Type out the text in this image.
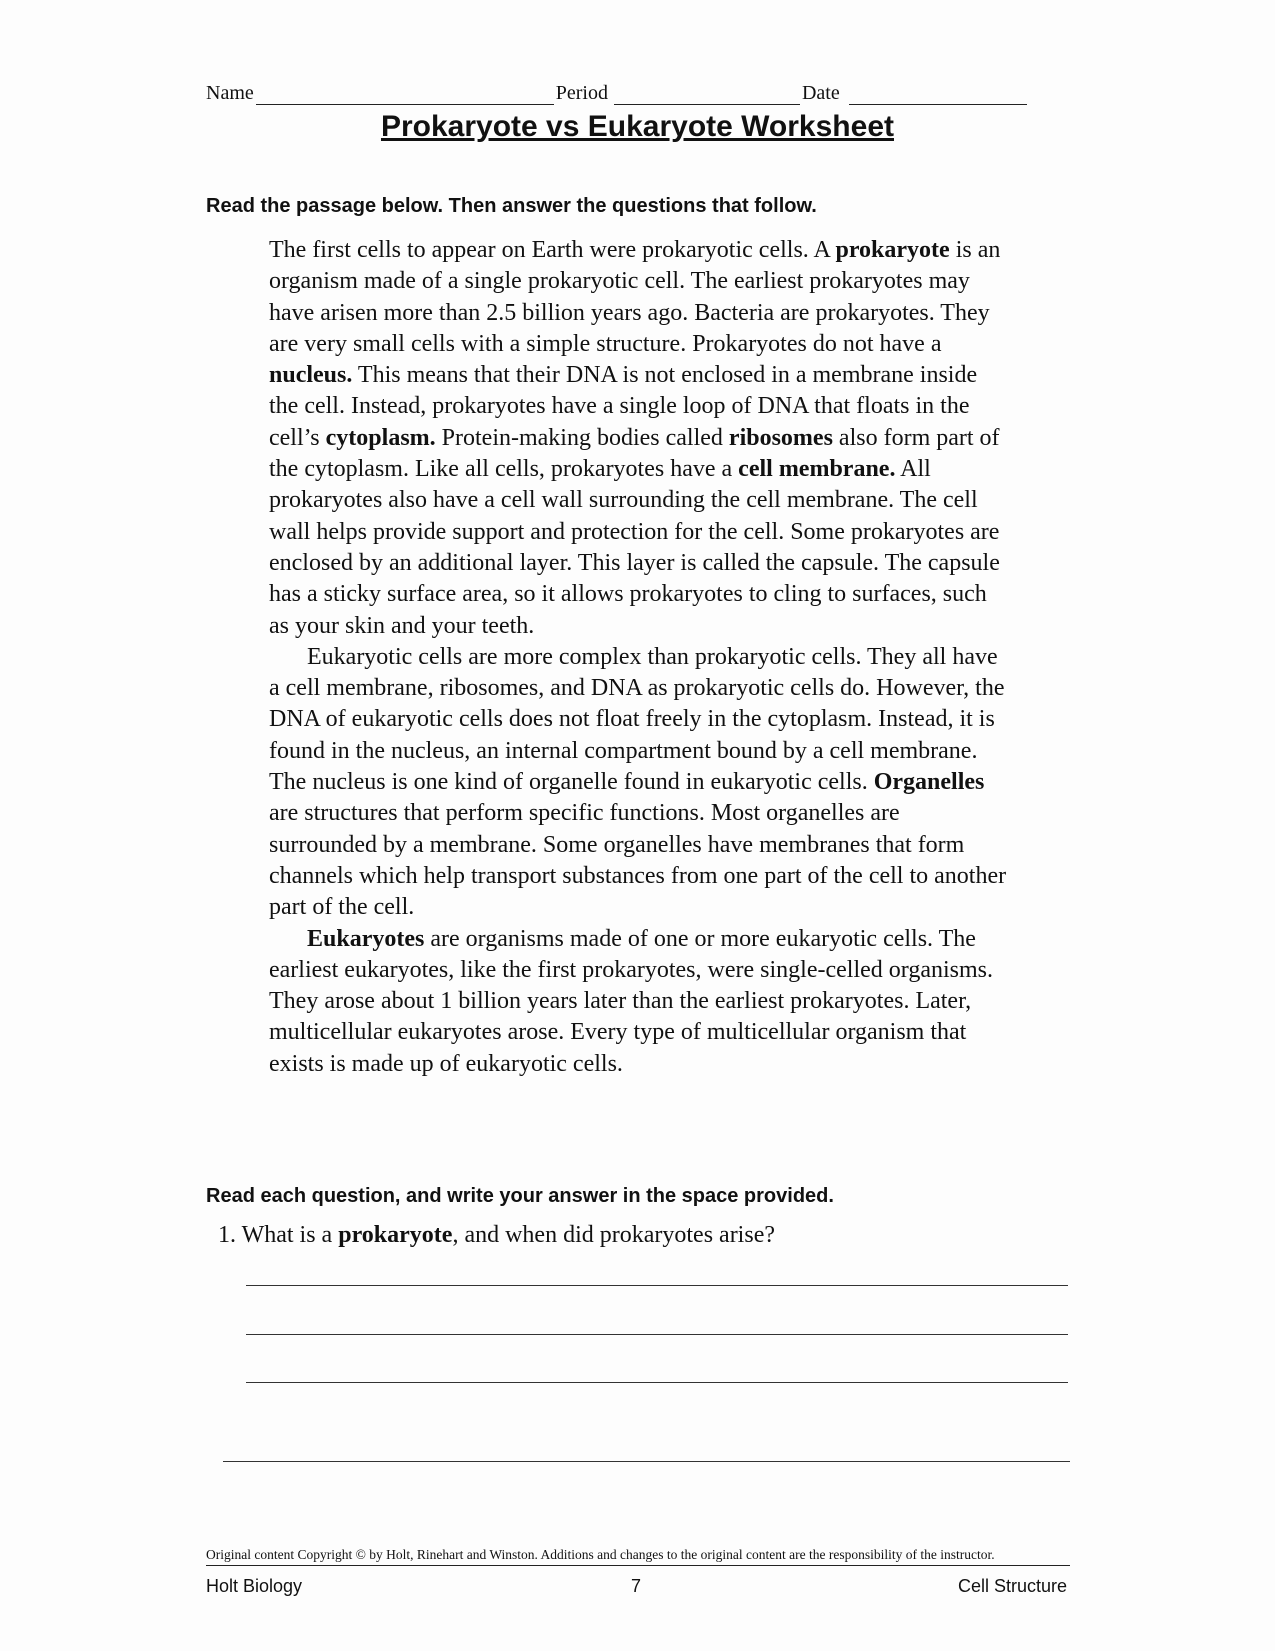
Name	Period	Date
Prokaryote vs Eukaryote Worksheet
Read the passage below. Then answer the questions that follow.

The first cells to appear on Earth were prokaryotic cells. A prokaryote is an organism made of a single prokaryotic cell. The earliest prokaryotes may have arisen more than 2.5 billion years ago. Bacteria are prokaryotes. They are very small cells with a simple structure. Prokaryotes do not have a nucleus. This means that their DNA is not enclosed in a membrane inside the cell. Instead, prokaryotes have a single loop of DNA that floats in the cell’s cytoplasm. Protein-making bodies called ribosomes also form part of the cytoplasm. Like all cells, prokaryotes have a cell membrane. All prokaryotes also have a cell wall surrounding the cell membrane. The cell wall helps provide support and protection for the cell. Some prokaryotes are enclosed by an additional layer. This layer is called the capsule. The capsule has a sticky surface area, so it allows prokaryotes to cling to surfaces, such as your skin and your teeth.

Eukaryotic cells are more complex than prokaryotic cells. They all have a cell membrane, ribosomes, and DNA as prokaryotic cells do. However, the DNA of eukaryotic cells does not float freely in the cytoplasm. Instead, it is found in the nucleus, an internal compartment bound by a cell membrane. The nucleus is one kind of organelle found in eukaryotic cells. Organelles are structures that perform specific functions. Most organelles are surrounded by a membrane. Some organelles have membranes that form channels which help transport substances from one part of the cell to another part of the cell.

Eukaryotes are organisms made of one or more eukaryotic cells. The earliest eukaryotes, like the first prokaryotes, were single-celled organisms. They arose about 1 billion years later than the earliest prokaryotes. Later, multicellular eukaryotes arose. Every type of multicellular organism that exists is made up of eukaryotic cells.

Read each question, and write your answer in the space provided.
1. What is a prokaryote, and when did prokaryotes arise?
Original content Copyright © by Holt, Rinehart and Winston. Additions and changes to the original content are the responsibility of the instructor.
Holt Biology	7	Cell Structure
